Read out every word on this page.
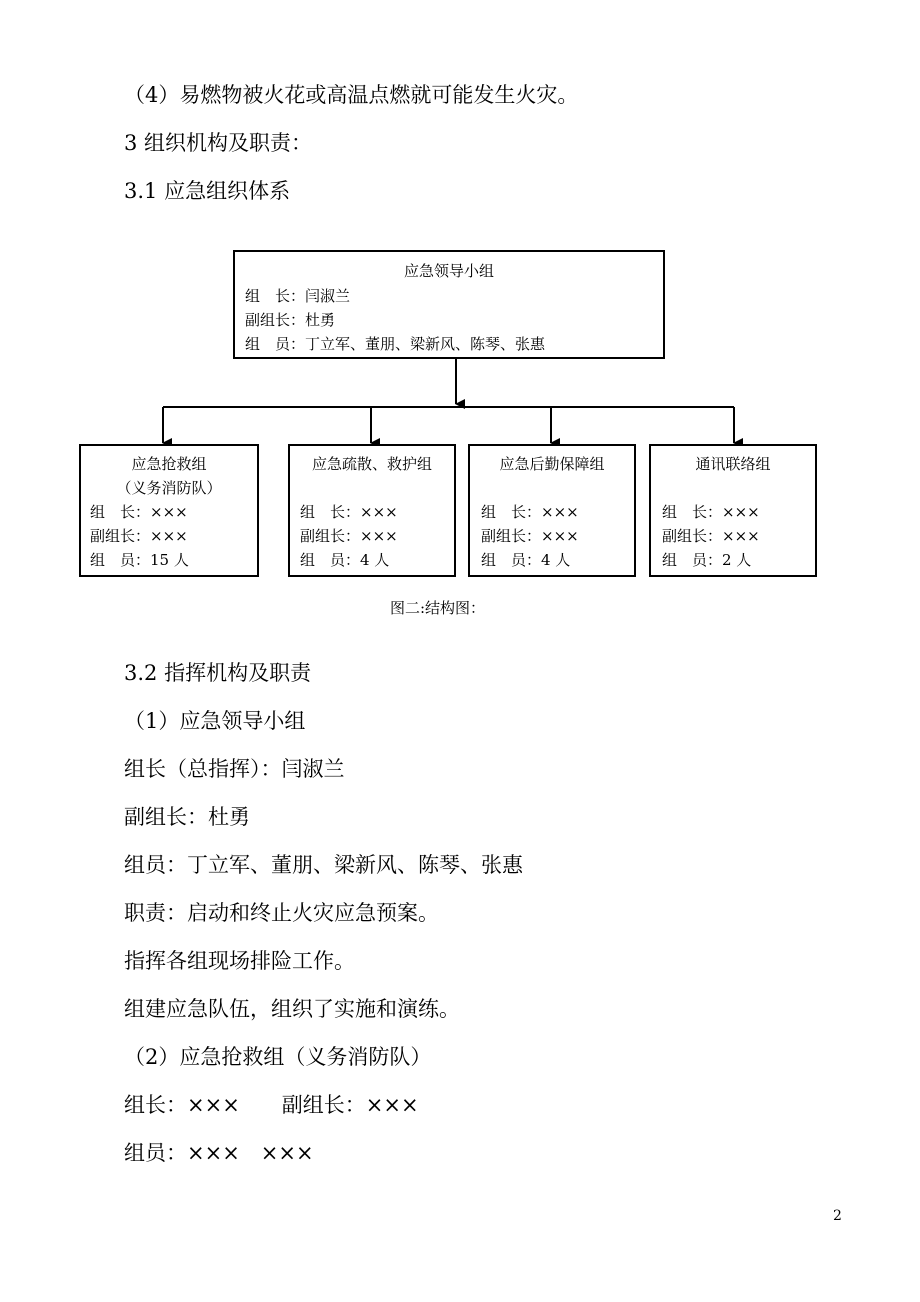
（4）易燃物被火花或高温点燃就可能发生火灾。
3 组织机构及职责：
3.1 应急组织体系
应急领导小组
组　长：闫淑兰
副组长：杜勇
组　员：丁立军、董朋、梁新风、陈琴、张惠
应急抢救组
（义务消防队）
组　长：×××
副组长：×××
组　员：15 人
应急疏散、救护组
组　长：×××
副组长：×××
组　员：4 人
应急后勤保障组
组　长：×××
副组长：×××
组　员：4 人
通讯联络组
组　长：×××
副组长：×××
组　员：2 人
图二:结构图：
3.2 指挥机构及职责
（1）应急领导小组
组长（总指挥）：闫淑兰
副组长：杜勇
组员：丁立军、董朋、梁新风、陈琴、张惠
职责：启动和终止火灾应急预案。
指挥各组现场排险工作。
组建应急队伍，组织了实施和演练。
（2）应急抢救组（义务消防队）
组长：×××　　副组长：×××
组员：×××　×××
2
